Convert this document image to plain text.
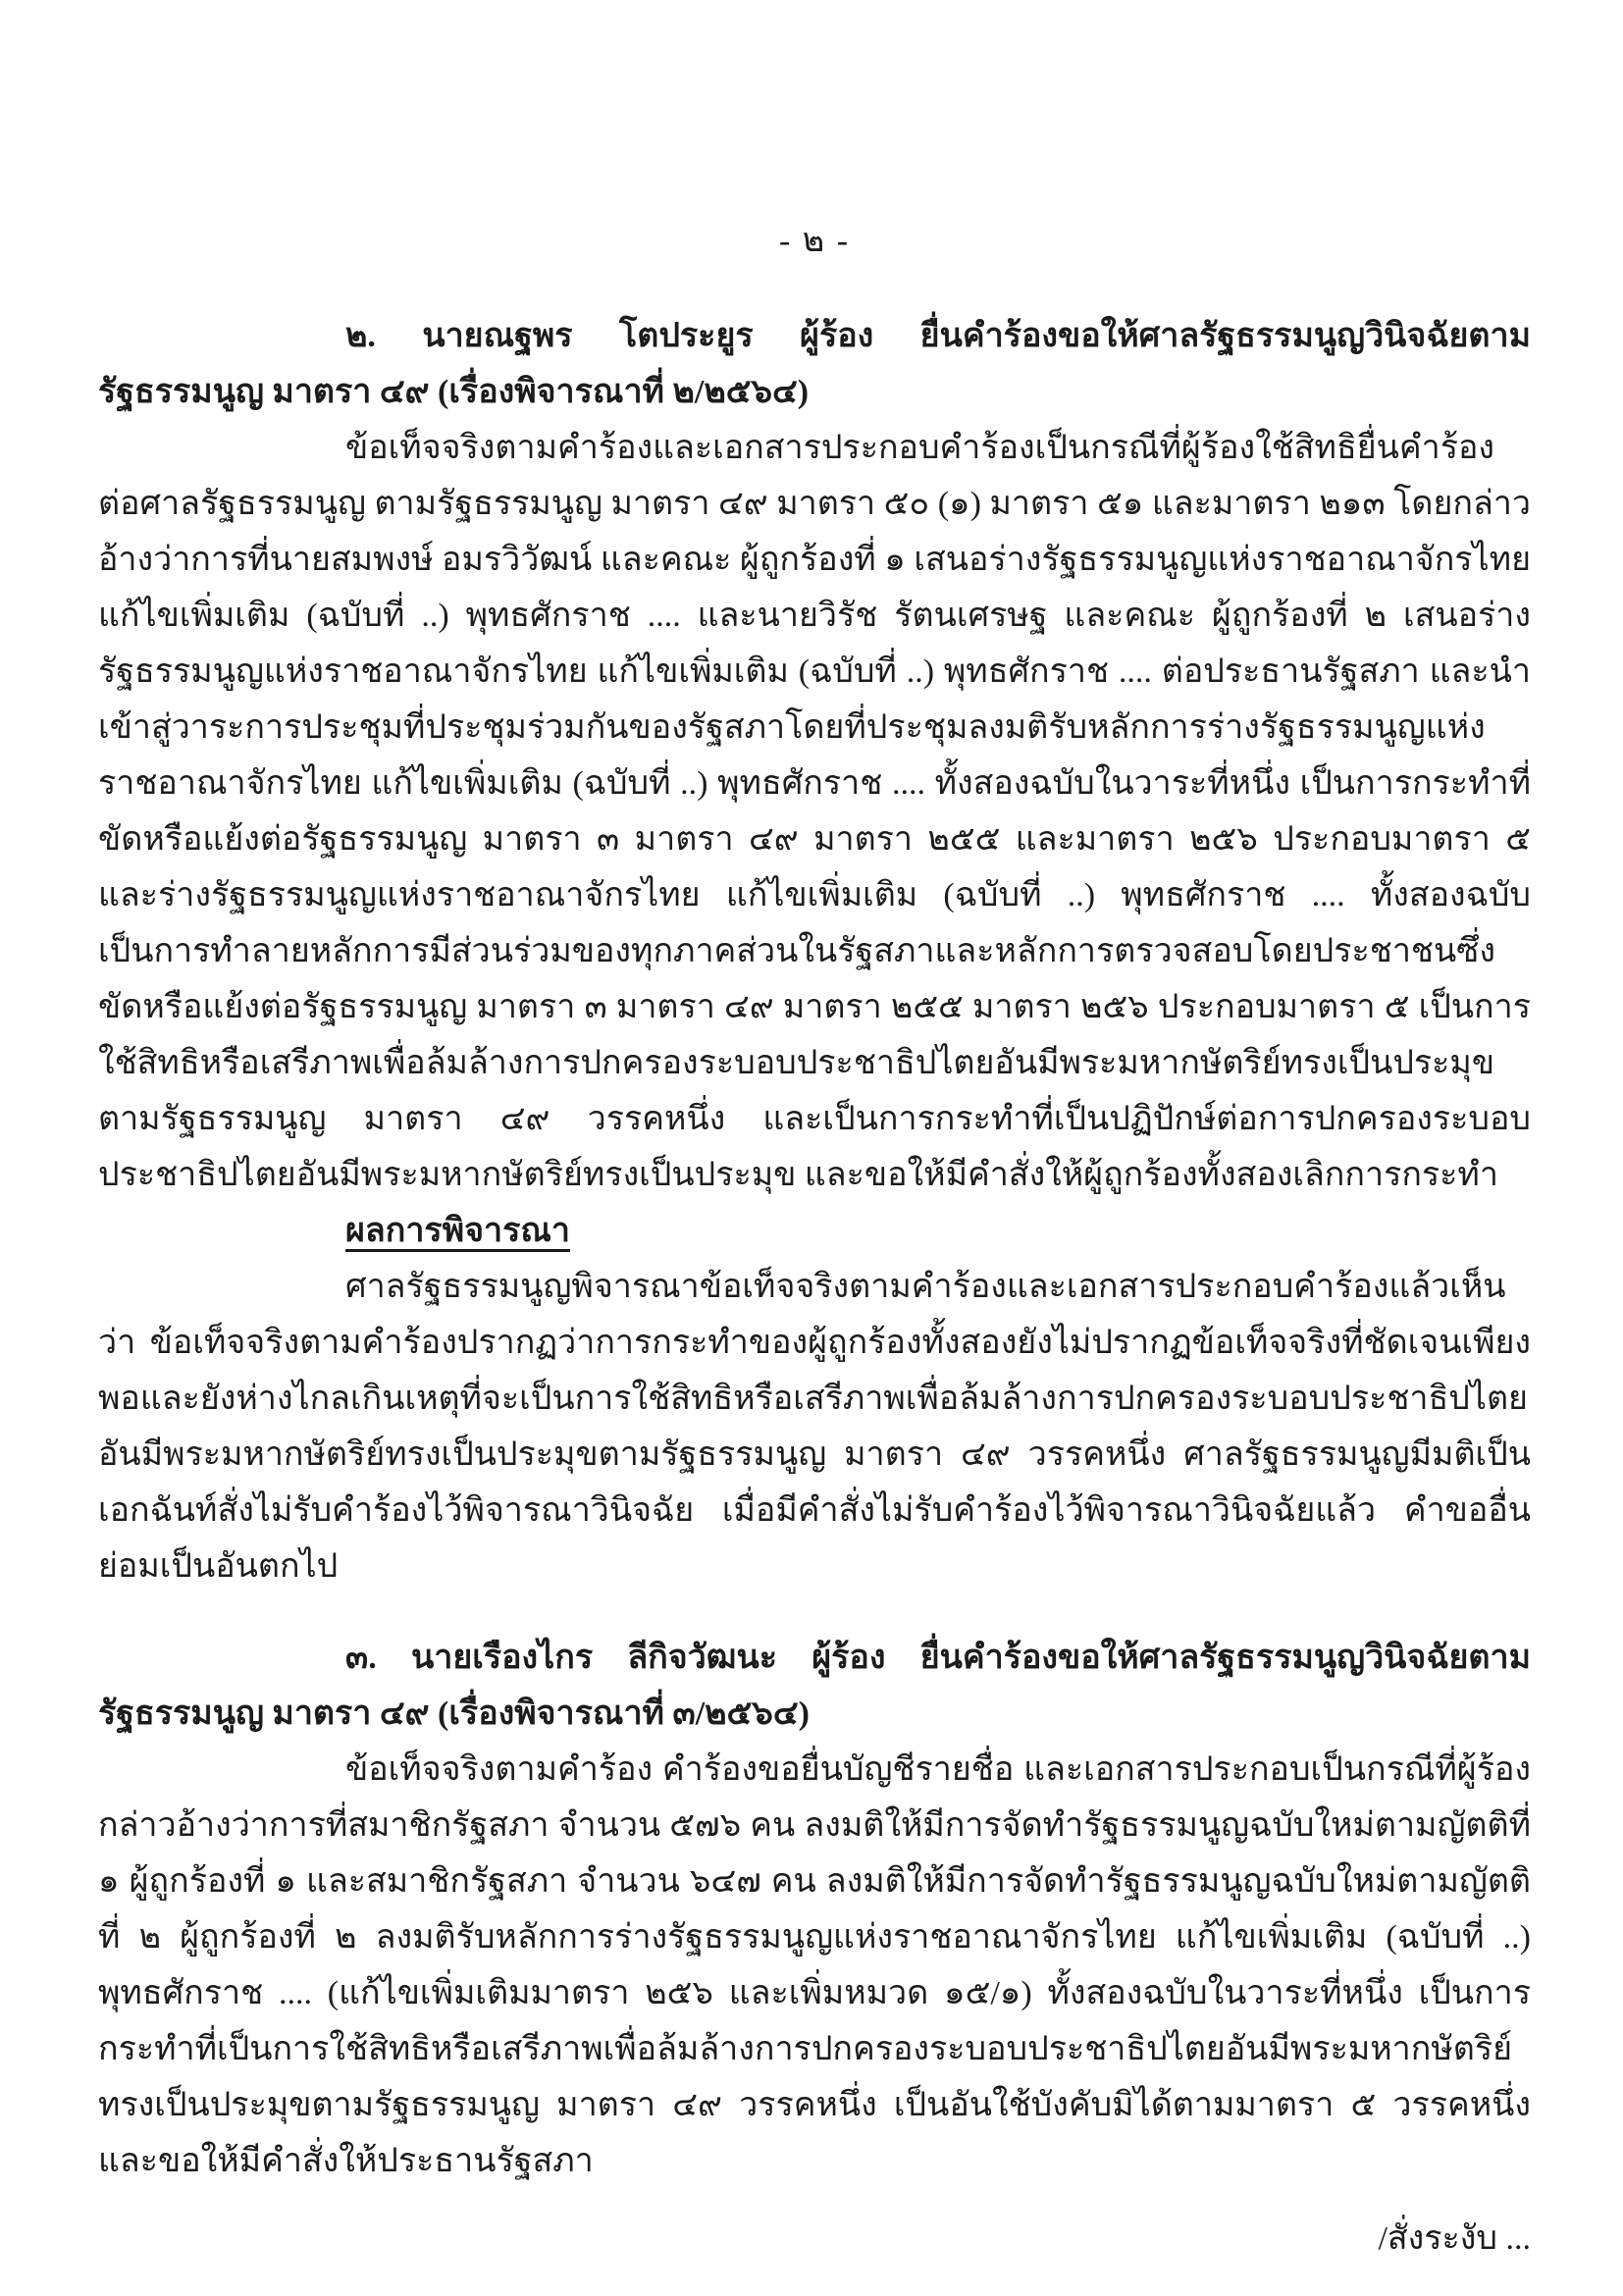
- ๒ -

๒. นายณฐพร โตประยูร ผู้ร้อง ยื่นคำร้องขอให้ศาลรัฐธรรมนูญวินิจฉัยตามรัฐธรรมนูญ มาตรา ๔๙ (เรื่องพิจารณาที่ ๒/๒๕๖๔)

ข้อเท็จจริงตามคำร้องและเอกสารประกอบคำร้องเป็นกรณีที่ผู้ร้องใช้สิทธิยื่นคำร้องต่อศาลรัฐธรรมนูญ ตามรัฐธรรมนูญ มาตรา ๔๙ มาตรา ๕๐ (๑) มาตรา ๕๑ และมาตรา ๒๑๓ โดยกล่าวอ้างว่าการที่นายสมพงษ์ อมรวิวัฒน์ และคณะ ผู้ถูกร้องที่ ๑ เสนอร่างรัฐธรรมนูญแห่งราชอาณาจักรไทย แก้ไขเพิ่มเติม (ฉบับที่ ..) พุทธศักราช .... และนายวิรัช รัตนเศรษฐ และคณะ ผู้ถูกร้องที่ ๒ เสนอร่างรัฐธรรมนูญแห่งราชอาณาจักรไทย แก้ไขเพิ่มเติม (ฉบับที่ ..) พุทธศักราช .... ต่อประธานรัฐสภา และนำเข้าสู่วาระการประชุมที่ประชุมร่วมกันของรัฐสภาโดยที่ประชุมลงมติรับหลักการร่างรัฐธรรมนูญแห่งราชอาณาจักรไทย แก้ไขเพิ่มเติม (ฉบับที่ ..) พุทธศักราช .... ทั้งสองฉบับในวาระที่หนึ่ง เป็นการกระทำที่ขัดหรือแย้งต่อรัฐธรรมนูญ มาตรา ๓ มาตรา ๔๙ มาตรา ๒๕๕ และมาตรา ๒๕๖ ประกอบมาตรา ๕ และร่างรัฐธรรมนูญแห่งราชอาณาจักรไทย แก้ไขเพิ่มเติม (ฉบับที่ ..) พุทธศักราช .... ทั้งสองฉบับเป็นการทำลายหลักการมีส่วนร่วมของทุกภาคส่วนในรัฐสภาและหลักการตรวจสอบโดยประชาชนซึ่งขัดหรือแย้งต่อรัฐธรรมนูญ มาตรา ๓ มาตรา ๔๙ มาตรา ๒๕๕ มาตรา ๒๕๖ ประกอบมาตรา ๕ เป็นการใช้สิทธิหรือเสรีภาพเพื่อล้มล้างการปกครองระบอบประชาธิปไตยอันมีพระมหากษัตริย์ทรงเป็นประมุขตามรัฐธรรมนูญ มาตรา ๔๙ วรรคหนึ่ง และเป็นการกระทำที่เป็นปฏิปักษ์ต่อการปกครองระบอบประชาธิปไตยอันมีพระมหากษัตริย์ทรงเป็นประมุข และขอให้มีคำสั่งให้ผู้ถูกร้องทั้งสองเลิกการกระทำ

ผลการพิจารณา

ศาลรัฐธรรมนูญพิจารณาข้อเท็จจริงตามคำร้องและเอกสารประกอบคำร้องแล้วเห็นว่า ข้อเท็จจริงตามคำร้องปรากฏว่าการกระทำของผู้ถูกร้องทั้งสองยังไม่ปรากฏข้อเท็จจริงที่ชัดเจนเพียงพอและยังห่างไกลเกินเหตุที่จะเป็นการใช้สิทธิหรือเสรีภาพเพื่อล้มล้างการปกครองระบอบประชาธิปไตยอันมีพระมหากษัตริย์ทรงเป็นประมุขตามรัฐธรรมนูญ มาตรา ๔๙ วรรคหนึ่ง ศาลรัฐธรรมนูญมีมติเป็นเอกฉันท์สั่งไม่รับคำร้องไว้พิจารณาวินิจฉัย เมื่อมีคำสั่งไม่รับคำร้องไว้พิจารณาวินิจฉัยแล้ว คำขออื่นย่อมเป็นอันตกไป

๓. นายเรืองไกร ลีกิจวัฒนะ ผู้ร้อง ยื่นคำร้องขอให้ศาลรัฐธรรมนูญวินิจฉัยตามรัฐธรรมนูญ มาตรา ๔๙ (เรื่องพิจารณาที่ ๓/๒๕๖๔)

ข้อเท็จจริงตามคำร้อง คำร้องขอยื่นบัญชีรายชื่อ และเอกสารประกอบเป็นกรณีที่ผู้ร้องกล่าวอ้างว่าการที่สมาชิกรัฐสภา จำนวน ๕๗๖ คน ลงมติให้มีการจัดทำรัฐธรรมนูญฉบับใหม่ตามญัตติที่ ๑ ผู้ถูกร้องที่ ๑ และสมาชิกรัฐสภา จำนวน ๖๔๗ คน ลงมติให้มีการจัดทำรัฐธรรมนูญฉบับใหม่ตามญัตติที่ ๒ ผู้ถูกร้องที่ ๒ ลงมติรับหลักการร่างรัฐธรรมนูญแห่งราชอาณาจักรไทย แก้ไขเพิ่มเติม (ฉบับที่ ..) พุทธศักราช .... (แก้ไขเพิ่มเติมมาตรา ๒๕๖ และเพิ่มหมวด ๑๕/๑) ทั้งสองฉบับในวาระที่หนึ่ง เป็นการกระทำที่เป็นการใช้สิทธิหรือเสรีภาพเพื่อล้มล้างการปกครองระบอบประชาธิปไตยอันมีพระมหากษัตริย์ทรงเป็นประมุขตามรัฐธรรมนูญ มาตรา ๔๙ วรรคหนึ่ง เป็นอันใช้บังคับมิได้ตามมาตรา ๕ วรรคหนึ่ง และขอให้มีคำสั่งให้ประธานรัฐสภา

/สั่งระงับ ...
